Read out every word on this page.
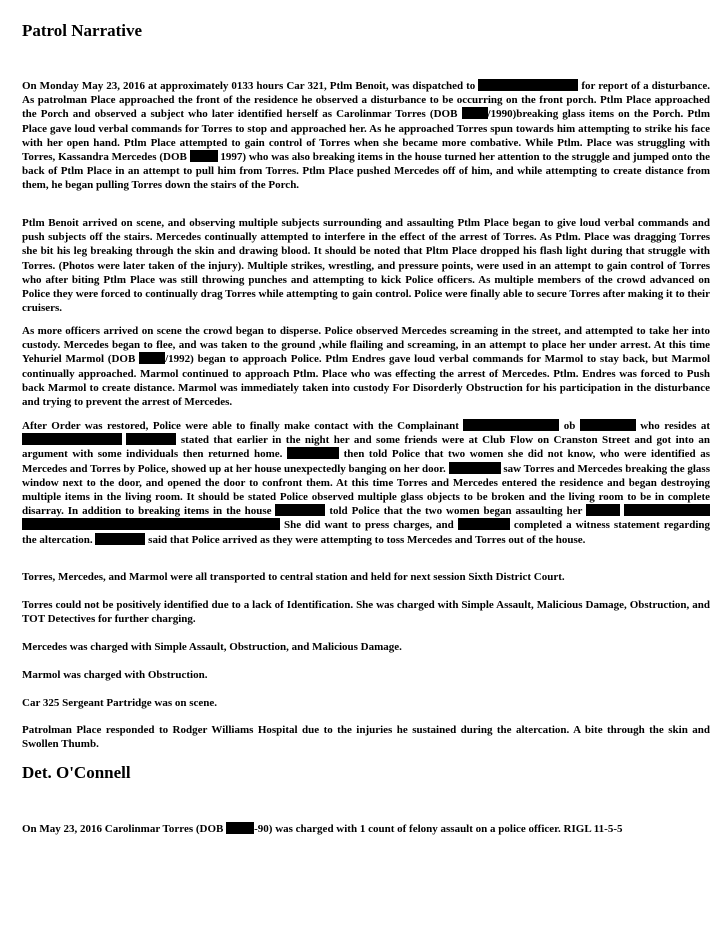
Patrol Narrative
On Monday May 23, 2016 at approximately 0133 hours Car 321, Ptlm Benoit, was dispatched to	for report of a disturbance. As patrolman Place approached the front of the residence he observed a disturbance to be occurring on the front porch. Ptlm Place approached the Porch and observed a subject who later identified herself as Carolinmar Torres (DOB /1990)breaking glass items on the Porch. Ptlm Place gave loud verbal commands for Torres to stop and approached her. As he approached Torres spun towards him attempting to strike his face with her open hand. Ptlm Place attempted to gain control of Torres when she became more combative. While Ptlm. Place was struggling with Torres, Kassandra Mercedes (DOB	1997) who was also breaking items in the house turned her attention to the struggle and jumped onto the back of Ptlm Place in an attempt to pull him from Torres. Ptlm Place pushed Mercedes off of him, and while attempting to create distance from them, he began pulling Torres down the stairs of the Porch.
Ptlm Benoit arrived on scene, and observing multiple subjects surrounding and assaulting Ptlm Place began to give loud verbal commands and push subjects off the stairs. Mercedes continually attempted to interfere in the effect of the arrest of Torres. As Ptlm. Place was dragging Torres she bit his leg breaking through the skin and drawing blood. It should be noted that Pltm Place dropped his flash light during that struggle with Torres. (Photos were later taken of the injury). Multiple strikes, wrestling, and pressure points, were used in an attempt to gain control of Torres who after biting Ptlm Place was still throwing punches and attempting to kick Police officers. As multiple members of the crowd advanced on Police they were forced to continually drag Torres while attempting to gain control. Police were finally able to secure Torres after making it to their cruisers.
As more officers arrived on scene the crowd began to disperse. Police observed Mercedes screaming in the street, and attempted to take her into custody. Mercedes began to flee, and was taken to the ground ,while flailing and screaming, in an attempt to place her under arrest. At this time Yehuriel Marmol (DOB /1992) began to approach Police. Ptlm Endres gave loud verbal commands for Marmol to stay back, but Marmol continually approached. Marmol continued to approach Ptlm. Place who was effecting the arrest of Mercedes. Ptlm. Endres was forced to Push back Marmol to create distance. Marmol was immediately taken into custody For Disorderly Obstruction for his participation in the disturbance and trying to prevent the arrest of Mercedes.
After Order was restored, Police were able to finally make contact with the Complainant	ob	who resides at   stated that earlier in the night her and some friends were at Club Flow on Cranston Street and got into an argument with some individuals then returned home.	then told Police that two women she did not know, who were identified as Mercedes and Torres by Police, showed up at her house unexpectedly banging on her door.	saw Torres and Mercedes breaking the glass window next to the door, and opened the door to confront them. At this time Torres and Mercedes entered the residence and began destroying multiple items in the living room. It should be stated Police observed multiple glass objects to be broken and the living room to be in complete disarray. In addition to breaking items in the house	told Police that the two women began assaulting her    She did want to press charges, and	completed a witness statement regarding the altercation.	said that Police arrived as they were attempting to toss Mercedes and Torres out of the house.
Torres, Mercedes, and Marmol were all transported to central station and held for next session Sixth District Court.
Torres could not be positively identified due to a lack of Identification. She was charged with Simple Assault, Malicious Damage, Obstruction, and TOT Detectives for further charging.
Mercedes was charged with Simple Assault, Obstruction, and Malicious Damage.
Marmol was charged with Obstruction.
Car 325 Sergeant Partridge was on scene.
Patrolman Place responded to Rodger Williams Hospital due to the injuries he sustained during the altercation. A bite through the skin and Swollen Thumb.
Det. O'Connell
On May 23, 2016 Carolinmar Torres (DOB	-90) was charged with 1 count of felony assault on a police officer. RIGL 11-5-5
